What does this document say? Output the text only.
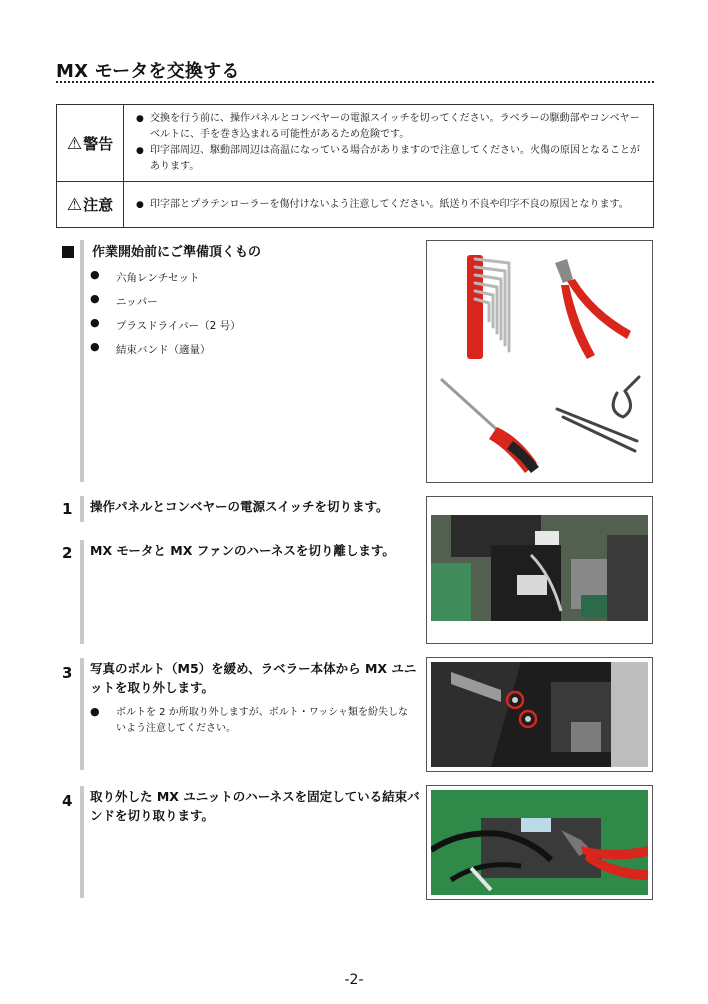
MX モータを交換する
⚠警告	● 交換を行う前に、操作パネルとコンベヤーの電源スイッチを切ってください。ラベラーの駆動部やコンベヤーベルトに、手を巻き込まれる可能性があるため危険です。
● 印字部周辺、駆動部周辺は高温になっている場合がありますので注意してください。火傷の原因となることがあります。

⚠注意	● 印字部とプラテンローラーを傷付けないよう注意してください。紙送り不良や印字不良の原因となります。
作業開始前にご準備頂くもの
● 六角レンチセット
● ニッパー
● プラスドライバー（2 号）
● 結束バンド（適量）
1 操作パネルとコンベヤーの電源スイッチを切ります。
2 MX モータと MX ファンのハーネスを切り離します。
3 写真のボルト（M5）を緩め、ラベラー本体から MX ユニットを取り外します。
● ボルトを 2 か所取り外しますが、ボルト・ワッシャ類を紛失しないよう注意してください。
4 取り外した MX ユニットのハーネスを固定している結束バンドを切り取ります。
-2-
